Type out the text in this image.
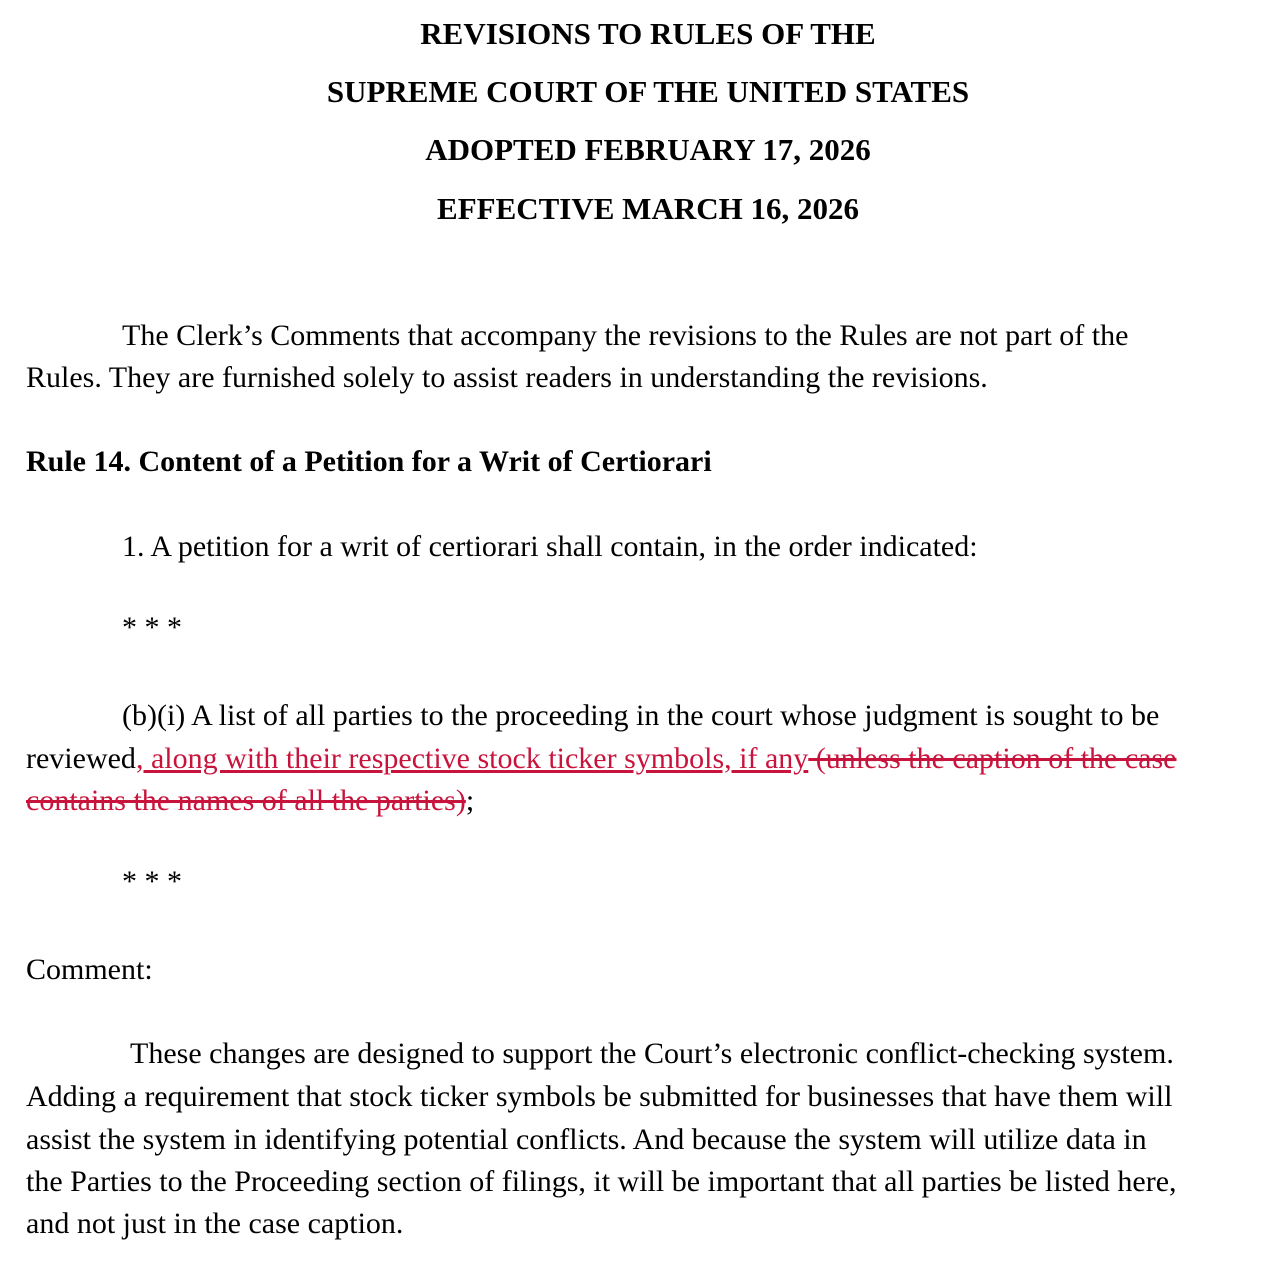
REVISIONS TO RULES OF THE
SUPREME COURT OF THE UNITED STATES
ADOPTED FEBRUARY 17, 2026
EFFECTIVE MARCH 16, 2026
The Clerk’s Comments that accompany the revisions to the Rules are not part of the
Rules. They are furnished solely to assist readers in understanding the revisions.
Rule 14. Content of a Petition for a Writ of Certiorari
1. A petition for a writ of certiorari shall contain, in the order indicated:
* * *
(b)(i) A list of all parties to the proceeding in the court whose judgment is sought to be
reviewed, along with their respective stock ticker symbols, if any (unless the caption of the case
contains the names of all the parties);
* * *
Comment:
These changes are designed to support the Court’s electronic conflict-checking system.
Adding a requirement that stock ticker symbols be submitted for businesses that have them will
assist the system in identifying potential conflicts. And because the system will utilize data in
the Parties to the Proceeding section of filings, it will be important that all parties be listed here,
and not just in the case caption.
